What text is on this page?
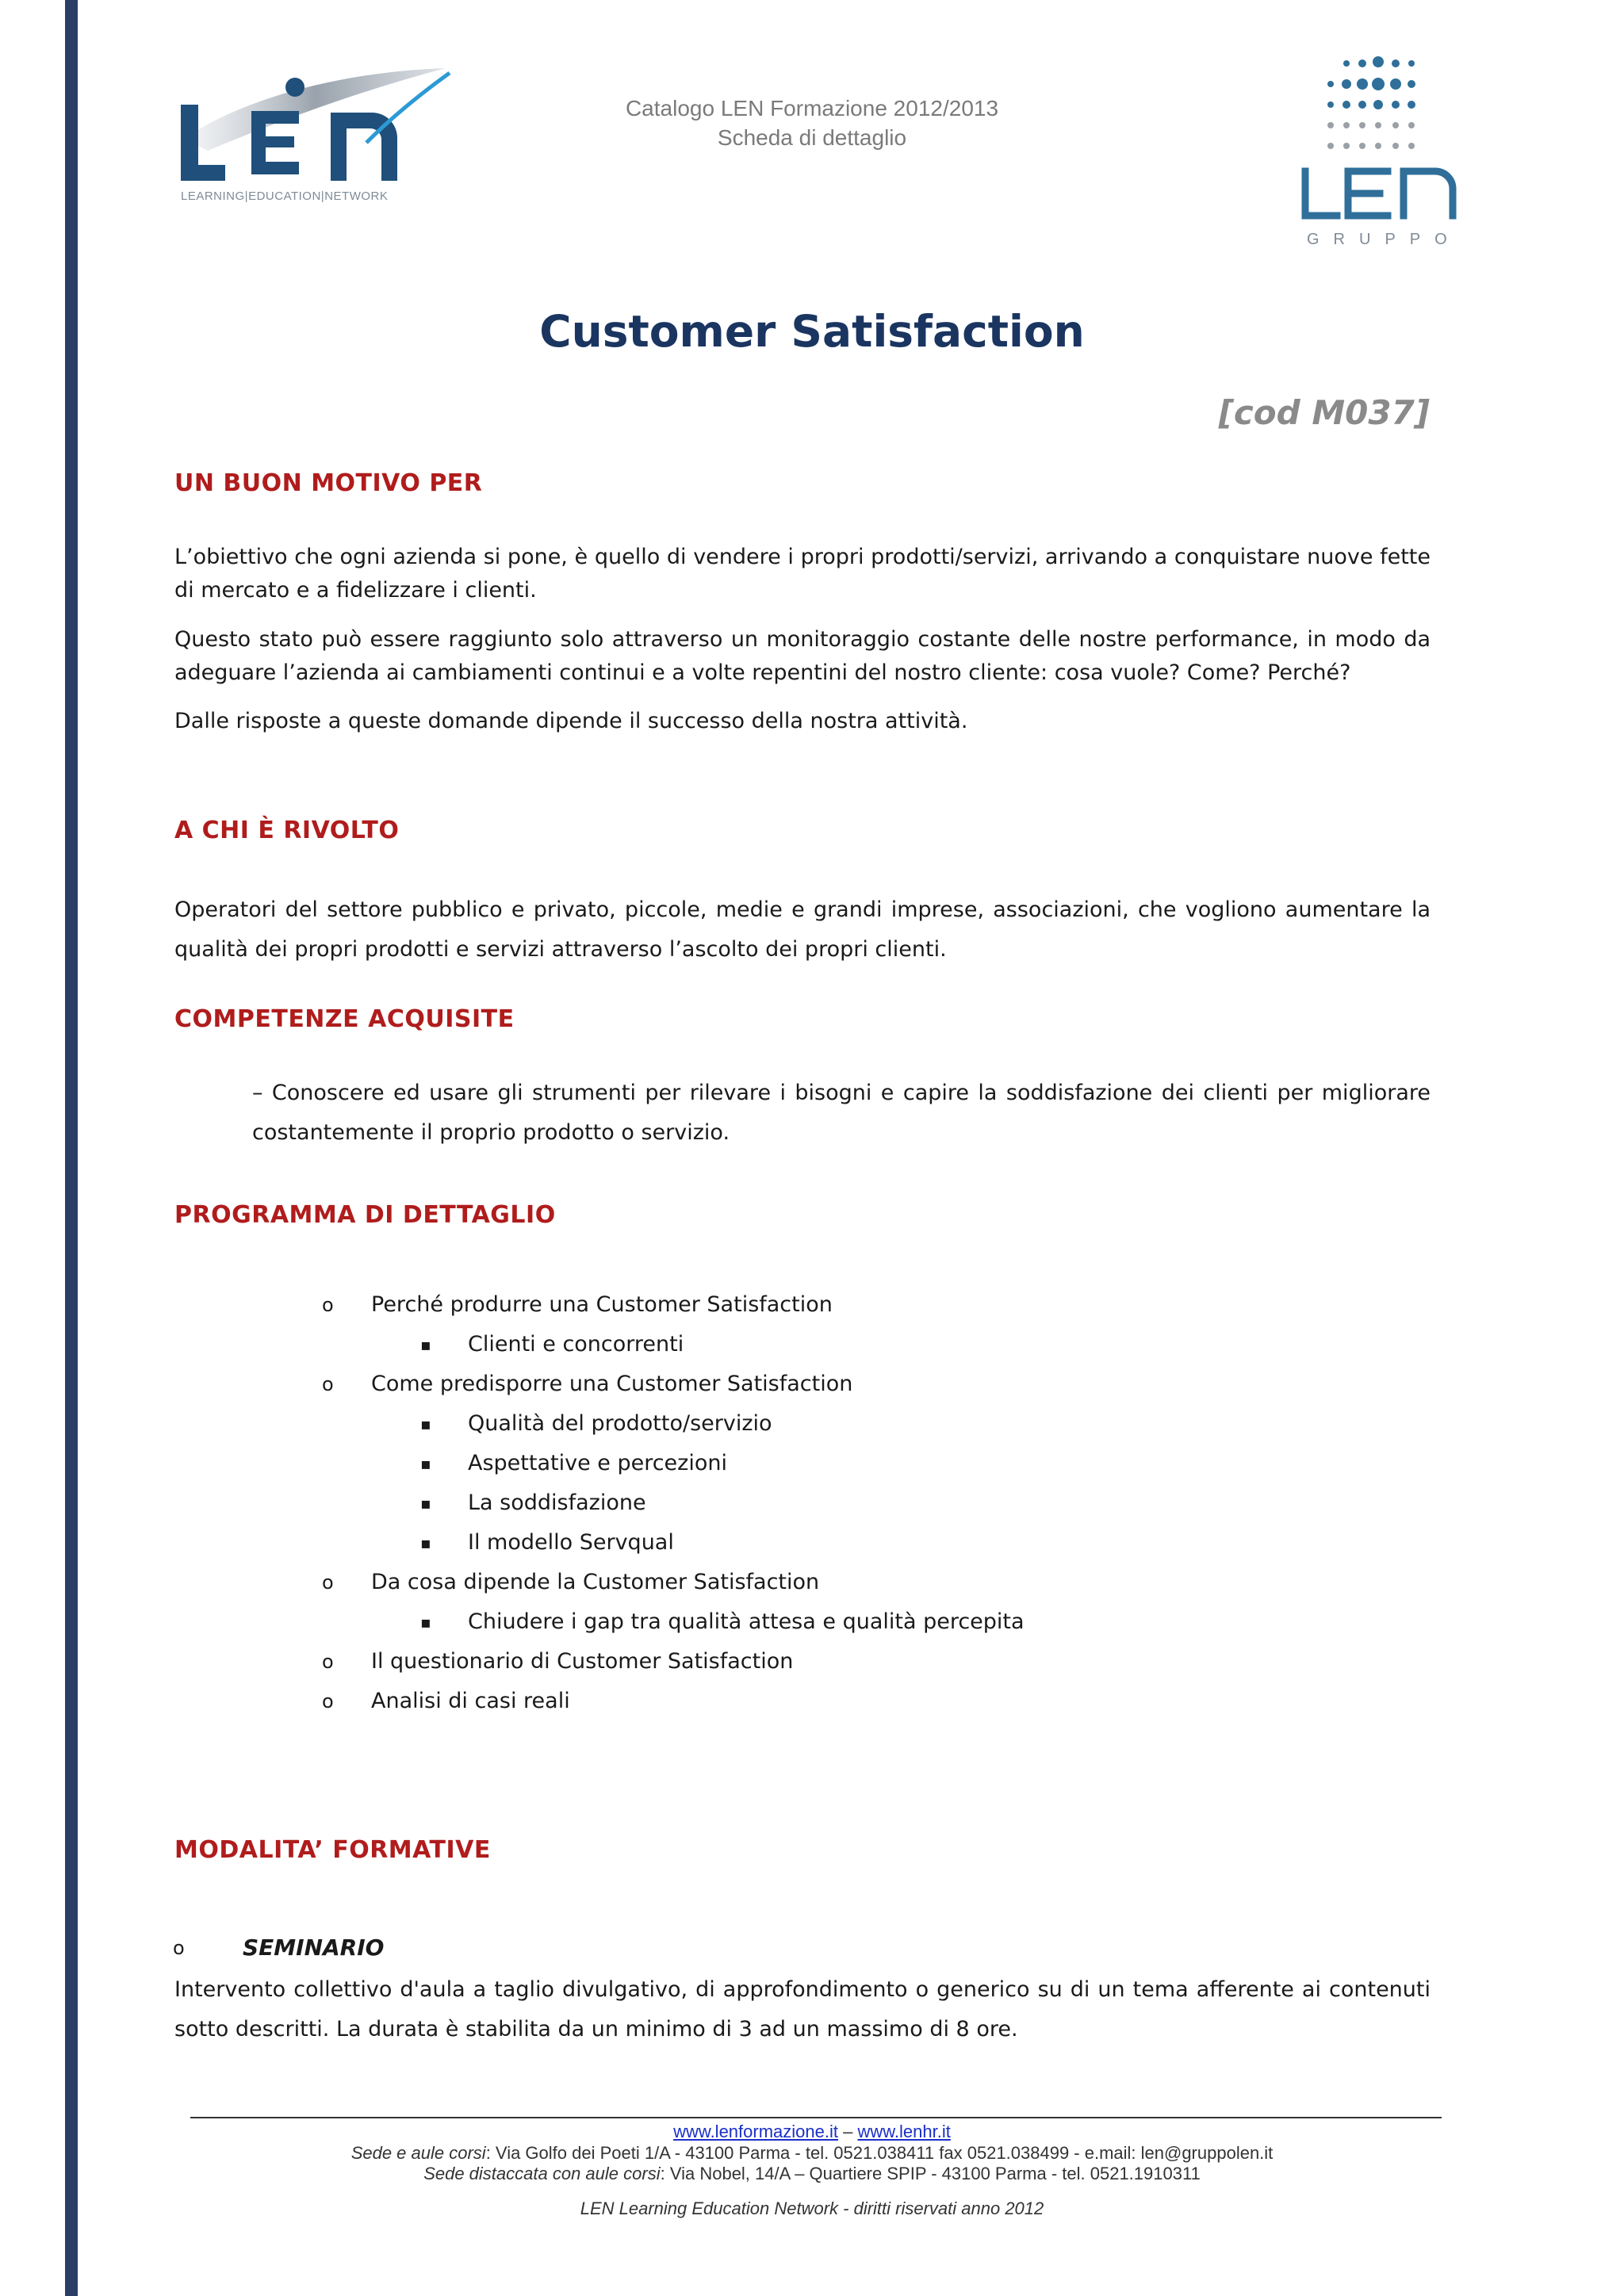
LEARNING|EDUCATION|NETWORK
GRUPPO
Catalogo LEN Formazione 2012/2013
Scheda di dettaglio
Customer Satisfaction
[cod M037]
UN BUON MOTIVO PER

L’obiettivo che ogni azienda si pone, è quello di vendere i propri prodotti/servizi, arrivando a conquistare nuove fette di mercato e a fidelizzare i clienti.

Questo stato può essere raggiunto solo attraverso un monitoraggio costante delle nostre performance, in modo da adeguare l’azienda ai cambiamenti continui e a volte repentini del nostro cliente: cosa vuole? Come? Perché?

Dalle risposte a queste domande dipende il successo della nostra attività.

A CHI È RIVOLTO

Operatori del settore pubblico e privato, piccole, medie e grandi imprese, associazioni, che vogliono aumentare la qualità dei propri prodotti e servizi attraverso l’ascolto dei propri clienti.

COMPETENZE ACQUISITE

– Conoscere ed usare gli strumenti per rilevare i bisogni e capire la soddisfazione dei clienti per migliorare costantemente il proprio prodotto o servizio.

PROGRAMMA DI DETTAGLIO
o Perché produrre una Customer Satisfaction
▪ Clienti e concorrenti
o Come predisporre una Customer Satisfaction
▪ Qualità del prodotto/servizio
▪ Aspettative e percezioni
▪ La soddisfazione
▪ Il modello Servqual
o Da cosa dipende la Customer Satisfaction
▪ Chiudere i gap tra qualità attesa e qualità percepita
o Il questionario di Customer Satisfaction
o Analisi di casi reali
MODALITA’ FORMATIVE
o	SEMINARIO

Intervento collettivo d'aula a taglio divulgativo, di approfondimento o generico su di un tema afferente ai contenuti sotto descritti. La durata è stabilita da un minimo di 3 ad un massimo di 8 ore.

www.lenformazione.it – www.lenhr.it
Sede e aule corsi: Via Golfo dei Poeti 1/A - 43100 Parma - tel. 0521.038411 fax 0521.038499 - e.mail: len@gruppolen.it
Sede distaccata con aule corsi: Via Nobel, 14/A – Quartiere SPIP - 43100 Parma - tel. 0521.1910311
LEN Learning Education Network - diritti riservati anno 2012
